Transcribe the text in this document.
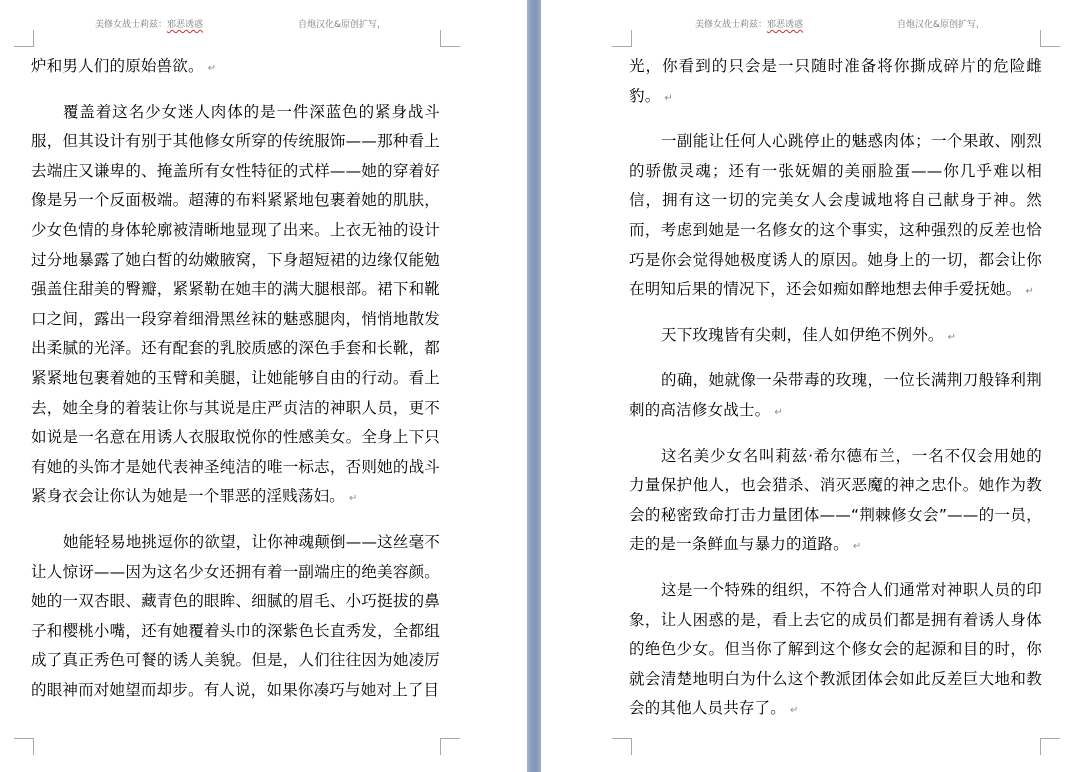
美修女战士莉兹：邪恶诱惑	自炮汉化&原创扩写，

炉和男人们的原始兽欲。 ↵

覆盖着这名少女迷人肉体的是一件深蓝色的紧身战斗服，但其设计有别于其他修女所穿的传统服饰——那种看上去端庄又谦卑的、掩盖所有女性特征的式样——她的穿着好像是另一个反面极端。超薄的布料紧紧地包裹着她的肌肤，少女色情的身体轮廓被清晰地显现了出来。上衣无袖的设计过分地暴露了她白皙的幼嫩腋窝，下身超短裙的边缘仅能勉强盖住甜美的臀瓣，紧紧勒在她丰的满大腿根部。裙下和靴口之间，露出一段穿着细滑黑丝袜的魅惑腿肉，悄悄地散发出柔腻的光泽。还有配套的乳胶质感的深色手套和长靴，都紧紧地包裹着她的玉臂和美腿，让她能够自由的行动。看上去，她全身的着装让你与其说是庄严贞洁的神职人员，更不如说是一名意在用诱人衣服取悦你的性感美女。全身上下只有她的头饰才是她代表神圣纯洁的唯一标志，否则她的战斗紧身衣会让你认为她是一个罪恶的淫贱荡妇。 ↵

她能轻易地挑逗你的欲望，让你神魂颠倒——这丝毫不让人惊讶——因为这名少女还拥有着一副端庄的绝美容颜。她的一双杏眼、藏青色的眼眸、细腻的眉毛、小巧挺拔的鼻子和樱桃小嘴，还有她覆着头巾的深紫色长直秀发，全都组成了真正秀色可餐的诱人美貌。但是，人们往往因为她凌厉的眼神而对她望而却步。有人说，如果你凑巧与她对上了目

美修女战士莉兹：邪恶诱惑	自炮汉化&原创扩写，

光，你看到的只会是一只随时准备将你撕成碎片的危险雌豹。 ↵

一副能让任何人心跳停止的魅惑肉体；一个果敢、刚烈的骄傲灵魂；还有一张妩媚的美丽脸蛋——你几乎难以相信，拥有这一切的完美女人会虔诚地将自己献身于神。然而，考虑到她是一名修女的这个事实，这种强烈的反差也恰巧是你会觉得她极度诱人的原因。她身上的一切，都会让你在明知后果的情况下，还会如痴如醉地想去伸手爱抚她。 ↵

天下玫瑰皆有尖刺，佳人如伊绝不例外。 ↵

的确，她就像一朵带毒的玫瑰，一位长满荆刀般锋利荆刺的高洁修女战士。 ↵

这名美少女名叫莉兹·希尔德布兰，一名不仅会用她的力量保护他人，也会猎杀、消灭恶魔的神之忠仆。她作为教会的秘密致命打击力量团体——“荆棘修女会”——的一员，走的是一条鲜血与暴力的道路。 ↵

这是一个特殊的组织，不符合人们通常对神职人员的印象，让人困惑的是，看上去它的成员们都是拥有着诱人身体的绝色少女。但当你了解到这个修女会的起源和目的时，你就会清楚地明白为什么这个教派团体会如此反差巨大地和教会的其他人员共存了。 ↵
